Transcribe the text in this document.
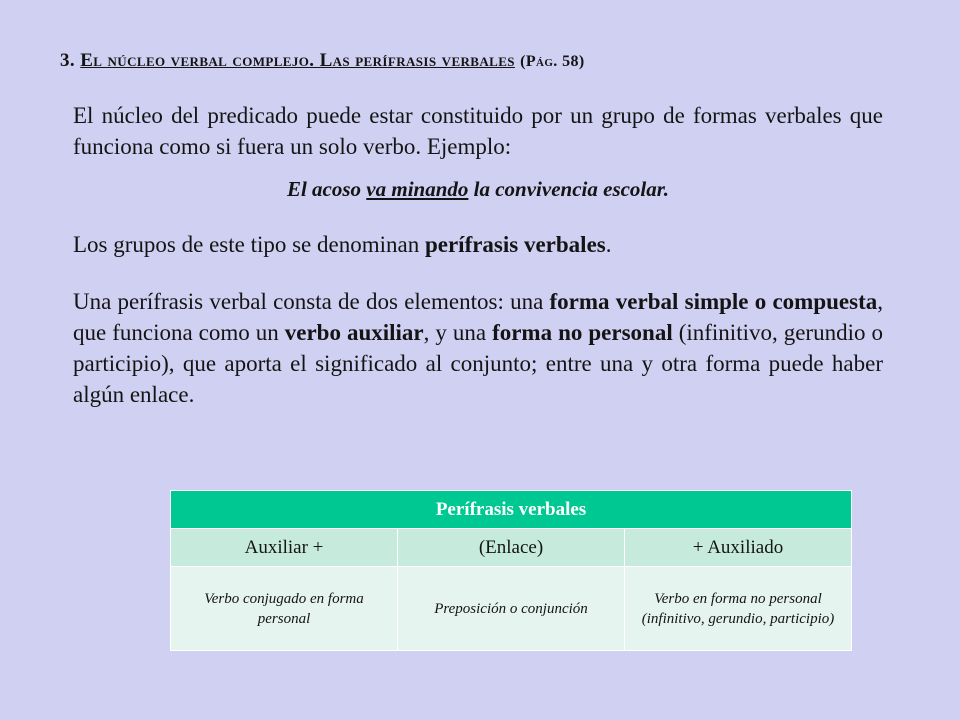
3. El núcleo verbal complejo. Las perífrasis verbales (Pág. 58)

El núcleo del predicado puede estar constituido por un grupo de formas verbales que funciona como si fuera un solo verbo. Ejemplo:

El acoso va minando la convivencia escolar.

Los grupos de este tipo se denominan perífrasis verbales.

Una perífrasis verbal consta de dos elementos: una forma verbal simple o compuesta, que funciona como un verbo auxiliar, y una forma no personal (infinitivo, gerundio o participio), que aporta el significado al conjunto; entre una y otra forma puede haber algún enlace.

Perífrasis verbales		
Auxiliar +	(Enlace)	+ Auxiliado
Verbo conjugado en forma personal	Preposición o conjunción	Verbo en forma no personal (infinitivo, gerundio, participio)
